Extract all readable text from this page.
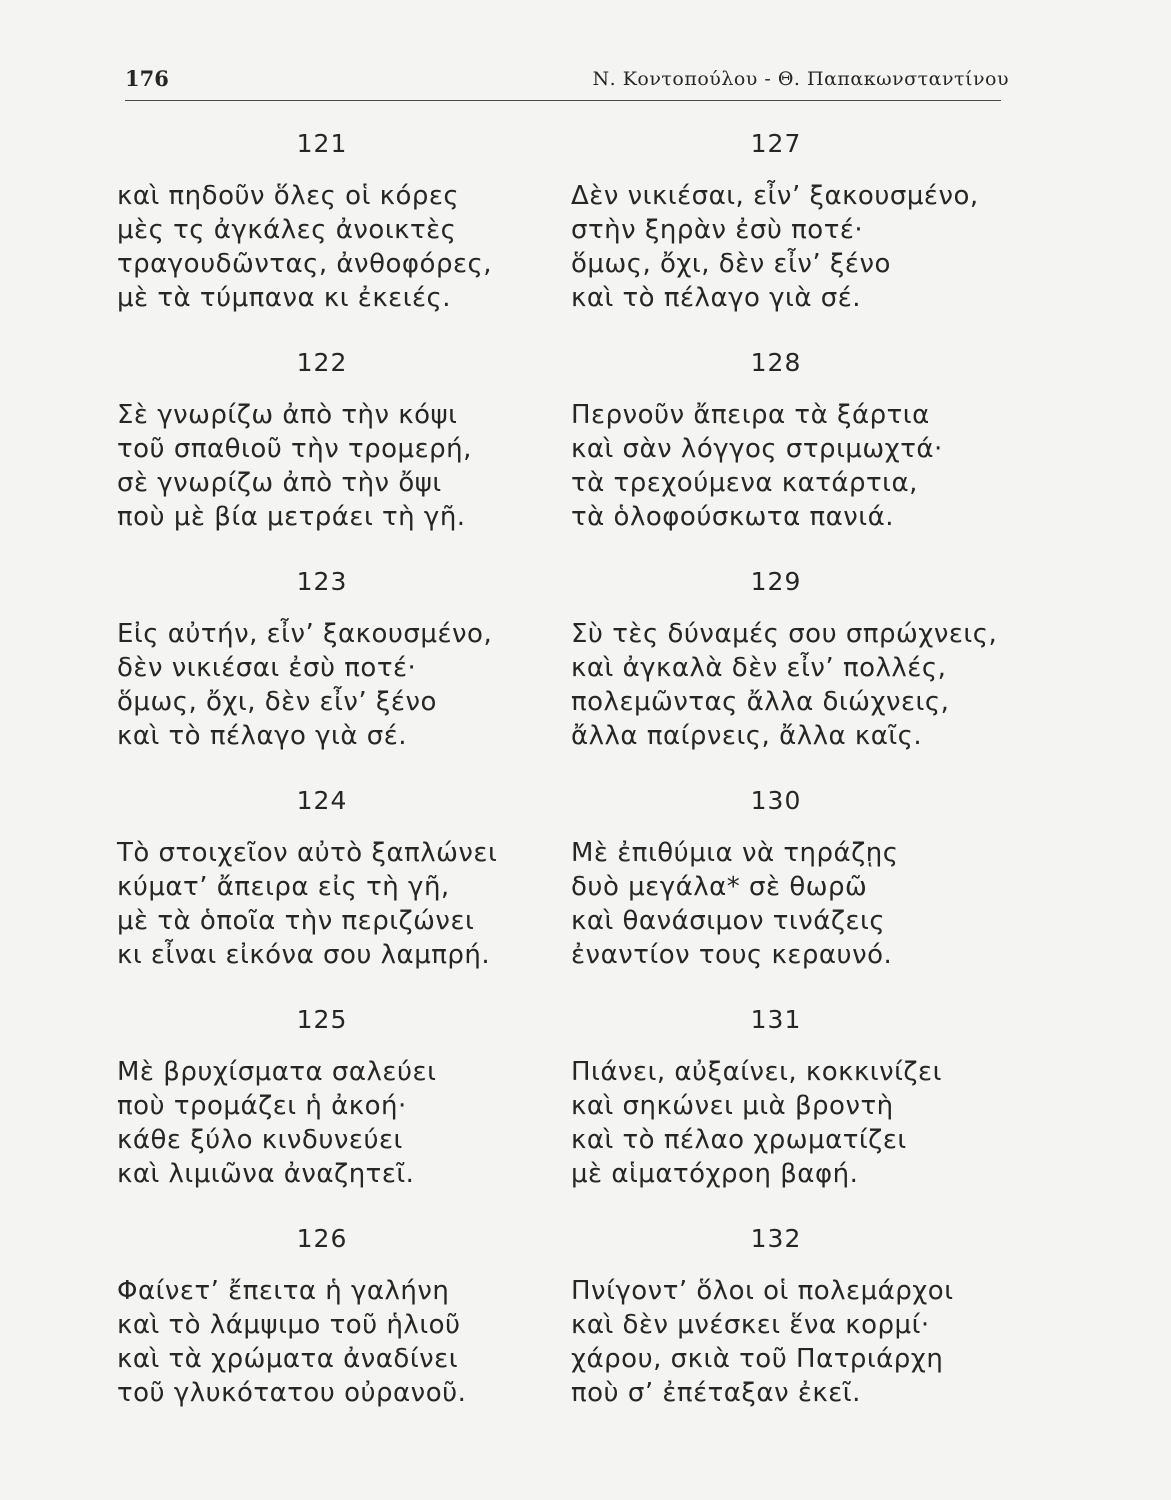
176	Ν. Κοντοπούλου - Θ. Παπακωνσταντίνου
121
καὶ πηδοῦν ὅλες οἱ κόρες
μὲς τς ἀγκάλες ἀνοικτὲς
τραγουδῶντας, ἀνθοφόρες,
μὲ τὰ τύμπανα κι ἐκειές.
122
Σὲ γνωρίζω ἀπὸ τὴν κόψι
τοῦ σπαθιοῦ τὴν τρομερή,
σὲ γνωρίζω ἀπὸ τὴν ὄψι
ποὺ μὲ βία μετράει τὴ γῆ.
123
Εἰς αὐτήν, εἶν’ ξακουσμένο,
δὲν νικιέσαι ἐσὺ ποτέ·
ὅμως, ὄχι, δὲν εἶν’ ξένο
καὶ τὸ πέλαγο γιὰ σέ.
124
Τὸ στοιχεῖον αὐτὸ ξαπλώνει
κύματ’ ἄπειρα εἰς τὴ γῆ,
μὲ τὰ ὁποῖα τὴν περιζώνει
κι εἶναι εἰκόνα σου λαμπρή.
125
Μὲ βρυχίσματα σαλεύει
ποὺ τρομάζει ἡ ἀκοή·
κάθε ξύλο κινδυνεύει
καὶ λιμιῶνα ἀναζητεῖ.
126
Φαίνετ’ ἔπειτα ἡ γαλήνη
καὶ τὸ λάμψιμο τοῦ ἡλιοῦ
καὶ τὰ χρώματα ἀναδίνει
τοῦ γλυκότατου οὐρανοῦ.
127
Δὲν νικιέσαι, εἶν’ ξακουσμένο,
στὴν ξηρὰν ἐσὺ ποτέ·
ὅμως, ὄχι, δὲν εἶν’ ξένο
καὶ τὸ πέλαγο γιὰ σέ.
128
Περνοῦν ἄπειρα τὰ ξάρτια
καὶ σὰν λόγγος στριμωχτά·
τὰ τρεχούμενα κατάρτια,
τὰ ὁλοφούσκωτα πανιά.
129
Σὺ τὲς δύναμές σου σπρώχνεις,
καὶ ἀγκαλὰ δὲν εἶν’ πολλές,
πολεμῶντας ἄλλα διώχνεις,
ἄλλα παίρνεις, ἄλλα καῖς.
130
Μὲ ἐπιθύμια νὰ τηράζῃς
δυὸ μεγάλα* σὲ θωρῶ
καὶ θανάσιμον τινάζεις
ἐναντίον τους κεραυνό.
131
Πιάνει, αὐξαίνει, κοκκινίζει
καὶ σηκώνει μιὰ βροντὴ
καὶ τὸ πέλαο χρωματίζει
μὲ αἱματόχροη βαφή.
132
Πνίγοντ’ ὅλοι οἱ πολεμάρχοι
καὶ δὲν μνέσκει ἕνα κορμί·
χάρου, σκιὰ τοῦ Πατριάρχη
ποὺ σ’ ἐπέταξαν ἐκεῖ.
